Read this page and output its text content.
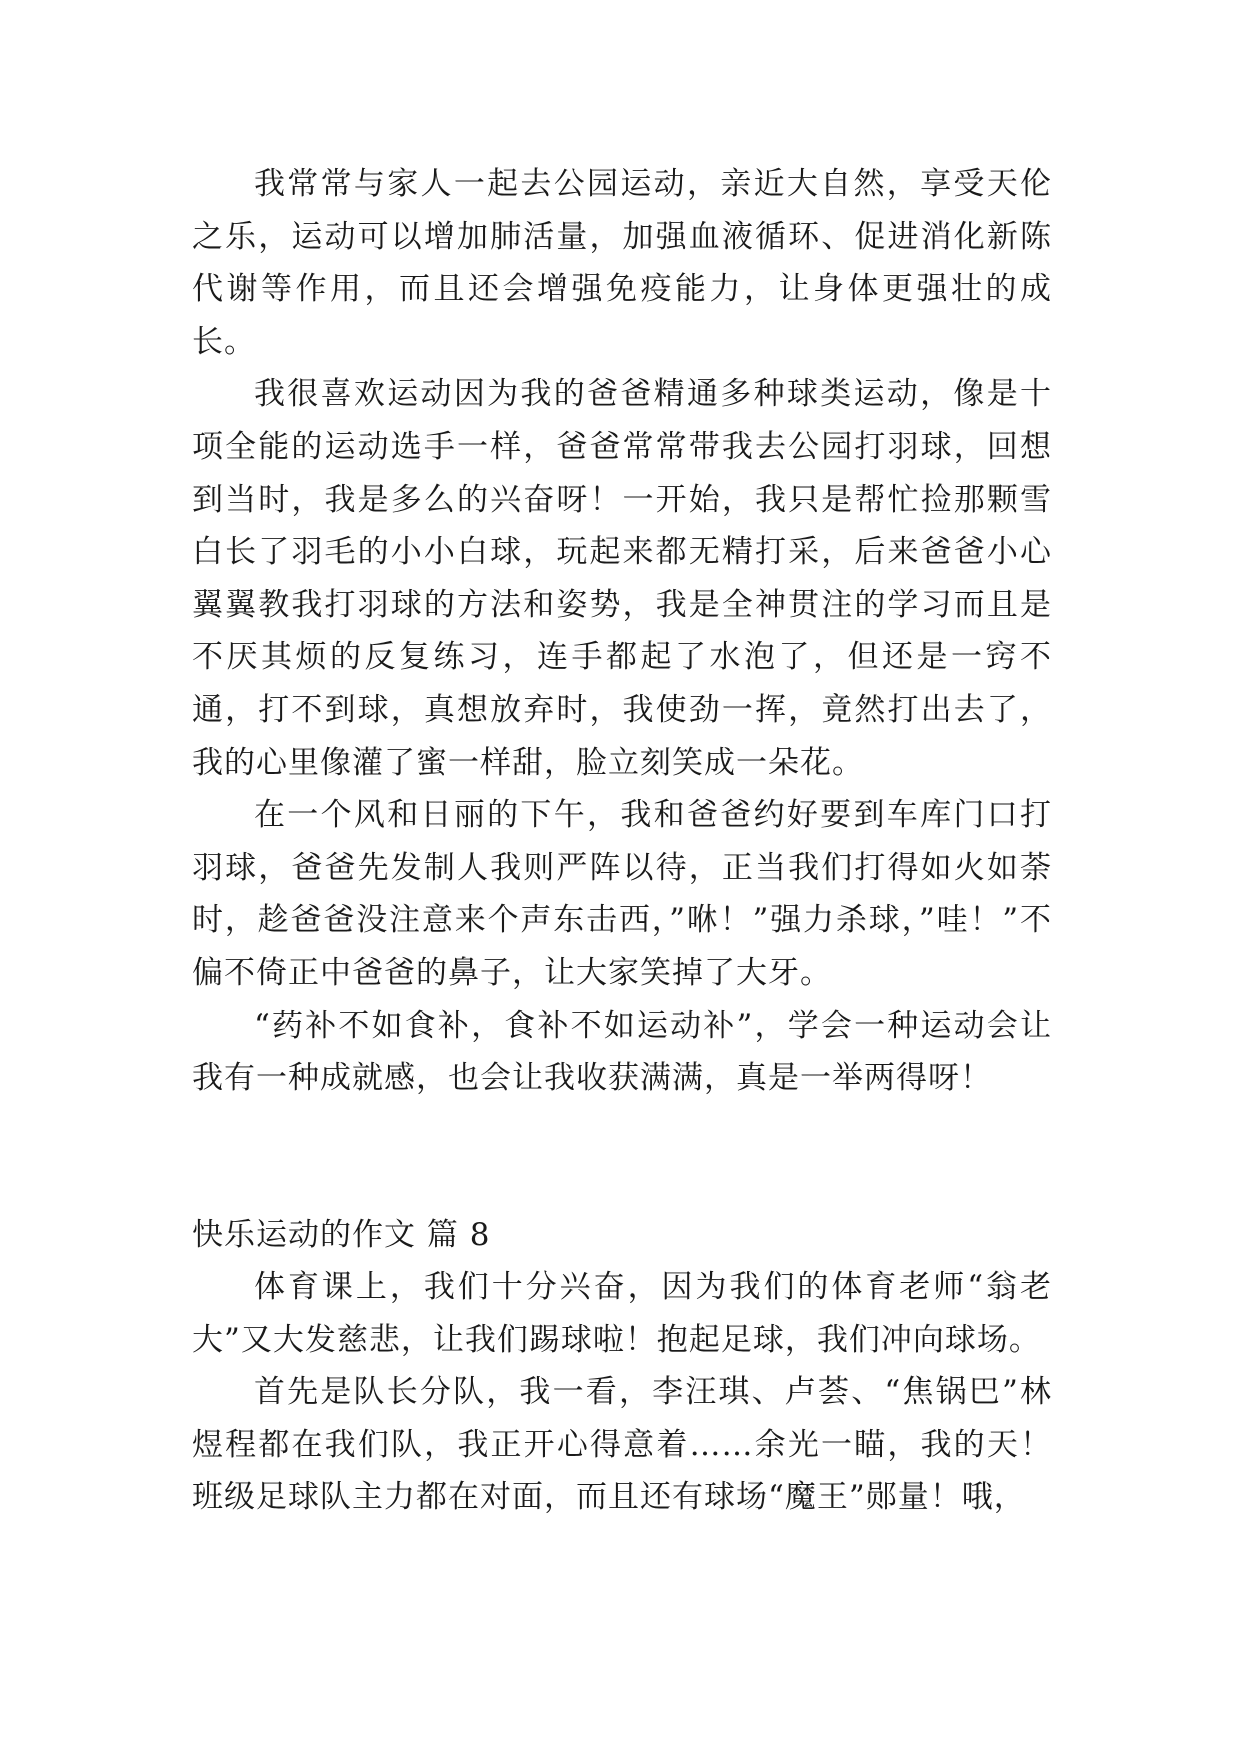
我常常与家人一起去公园运动，亲近大自然，享受天伦之乐，运动可以增加肺活量，加强血液循环、促进消化新陈代谢等作用，而且还会增强免疫能力，让身体更强壮的成长。

我很喜欢运动因为我的爸爸精通多种球类运动，像是十项全能的运动选手一样，爸爸常常带我去公园打羽球，回想到当时，我是多么的兴奋呀！一开始，我只是帮忙捡那颗雪白长了羽毛的小小白球，玩起来都无精打采，后来爸爸小心翼翼教我打羽球的方法和姿势，我是全神贯注的学习而且是不厌其烦的反复练习，连手都起了水泡了，但还是一窍不通，打不到球，真想放弃时，我使劲一挥，竟然打出去了，我的心里像灌了蜜一样甜，脸立刻笑成一朵花。

在一个风和日丽的下午，我和爸爸约好要到车库门口打羽球，爸爸先发制人我则严阵以待，正当我们打得如火如荼时，趁爸爸没注意来个声东击西，”咻！”强力杀球，”哇！”不偏不倚正中爸爸的鼻子，让大家笑掉了大牙。

“药补不如食补，食补不如运动补”，学会一种运动会让我有一种成就感，也会让我收获满满，真是一举两得呀！

快乐运动的作文 篇 8

体育课上，我们十分兴奋，因为我们的体育老师“翁老大”又大发慈悲，让我们踢球啦！抱起足球，我们冲向球场。

首先是队长分队，我一看，李汪琪、卢荟、“焦锅巴”林煜程都在我们队，我正开心得意着……余光一瞄，我的天！班级足球队主力都在对面，而且还有球场“魔王”郧量！哦，
